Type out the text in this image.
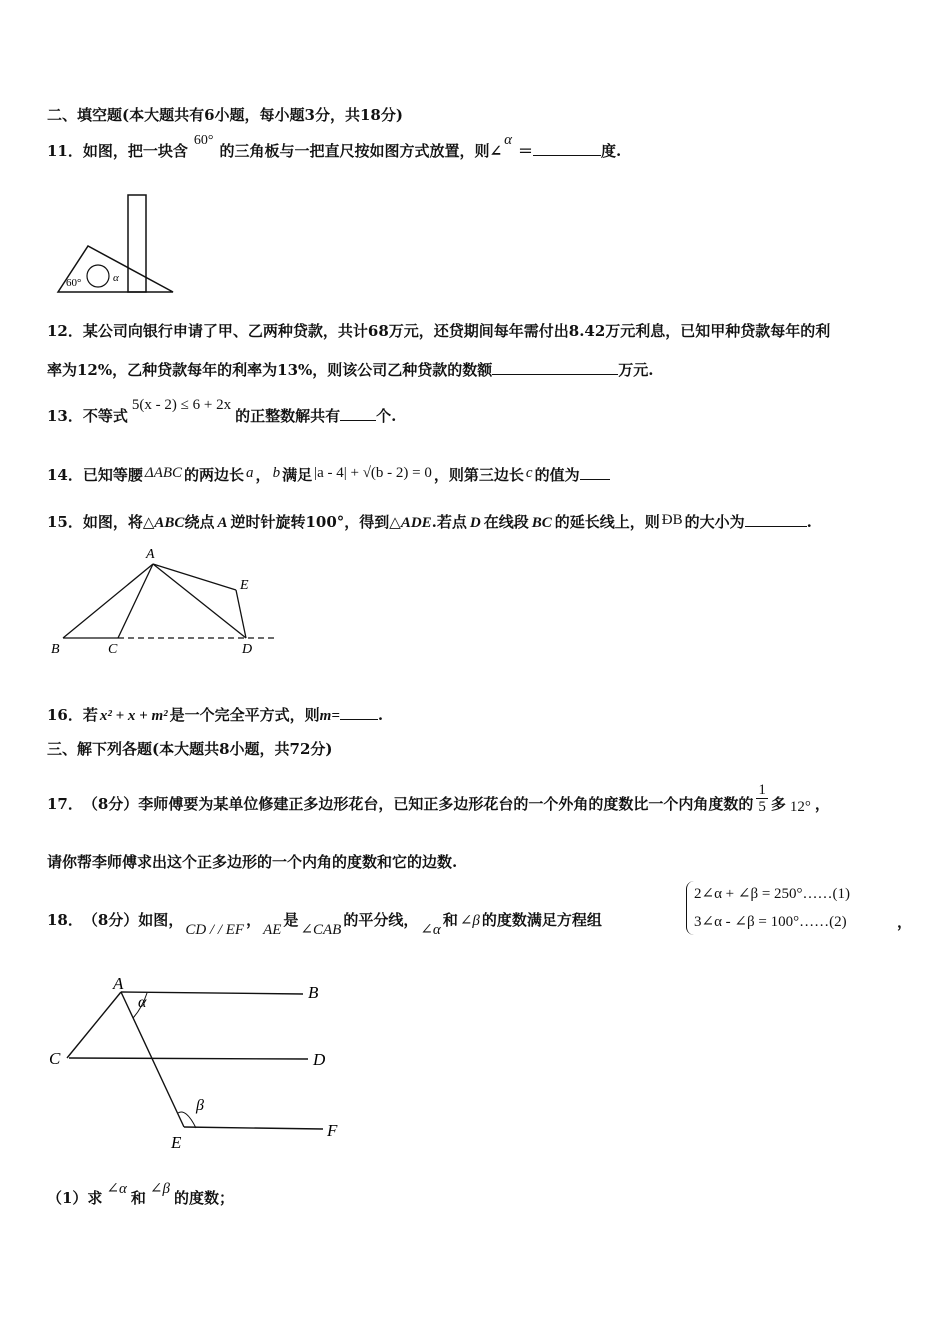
二、填空题(本大题共有6小题，每小题3分，共18分)
11．如图，把一块含60°的三角板与一把直尺按如图方式放置，则∠α＝	度.
60°	α
12．某公司向银行申请了甲、乙两种贷款，共计68万元，还贷期间每年需付出8.42万元利息，已知甲种贷款每年的利
率为12%，乙种贷款每年的利率为13%，则该公司乙种贷款的数额	万元.
13．不等式5(x - 2) ≤ 6 + 2x的正整数解共有 个.
14．已知等腰 ΔABC 的两边长 a ， b 满足 |a - 4| + √(b - 2) = 0 ，则第三边长 c 的值为
15．如图，将△ABC绕点 A 逆时针旋转100°，得到△ADE.若点 D 在线段 BC 的延长线上，则 ÐB 的大小为	.
A
B	C	D
E
16．若 x² + x + m² 是一个完全平方式，则m=	.
三、解下列各题(本大题共8小题，共72分)
17．（8分）李师傅要为某单位修建正多边形花台，已知正多边形花台的一个外角的度数比一个内角度数的 $\frac{1}{5}$ 多 12° ，
请你帮李师傅求出这个正多边形的一个内角的度数和它的边数.
18．（8分）如图，CD / / EF，AE是∠CAB的平分线，∠α和 ∠β 的度数满足方程组
2∠α + ∠β = 250°……(1)
3∠α - ∠β = 100°……(2)	，
A	B
C	D
E
F
α
β
（1）求 ∠α 和 ∠β 的度数；
